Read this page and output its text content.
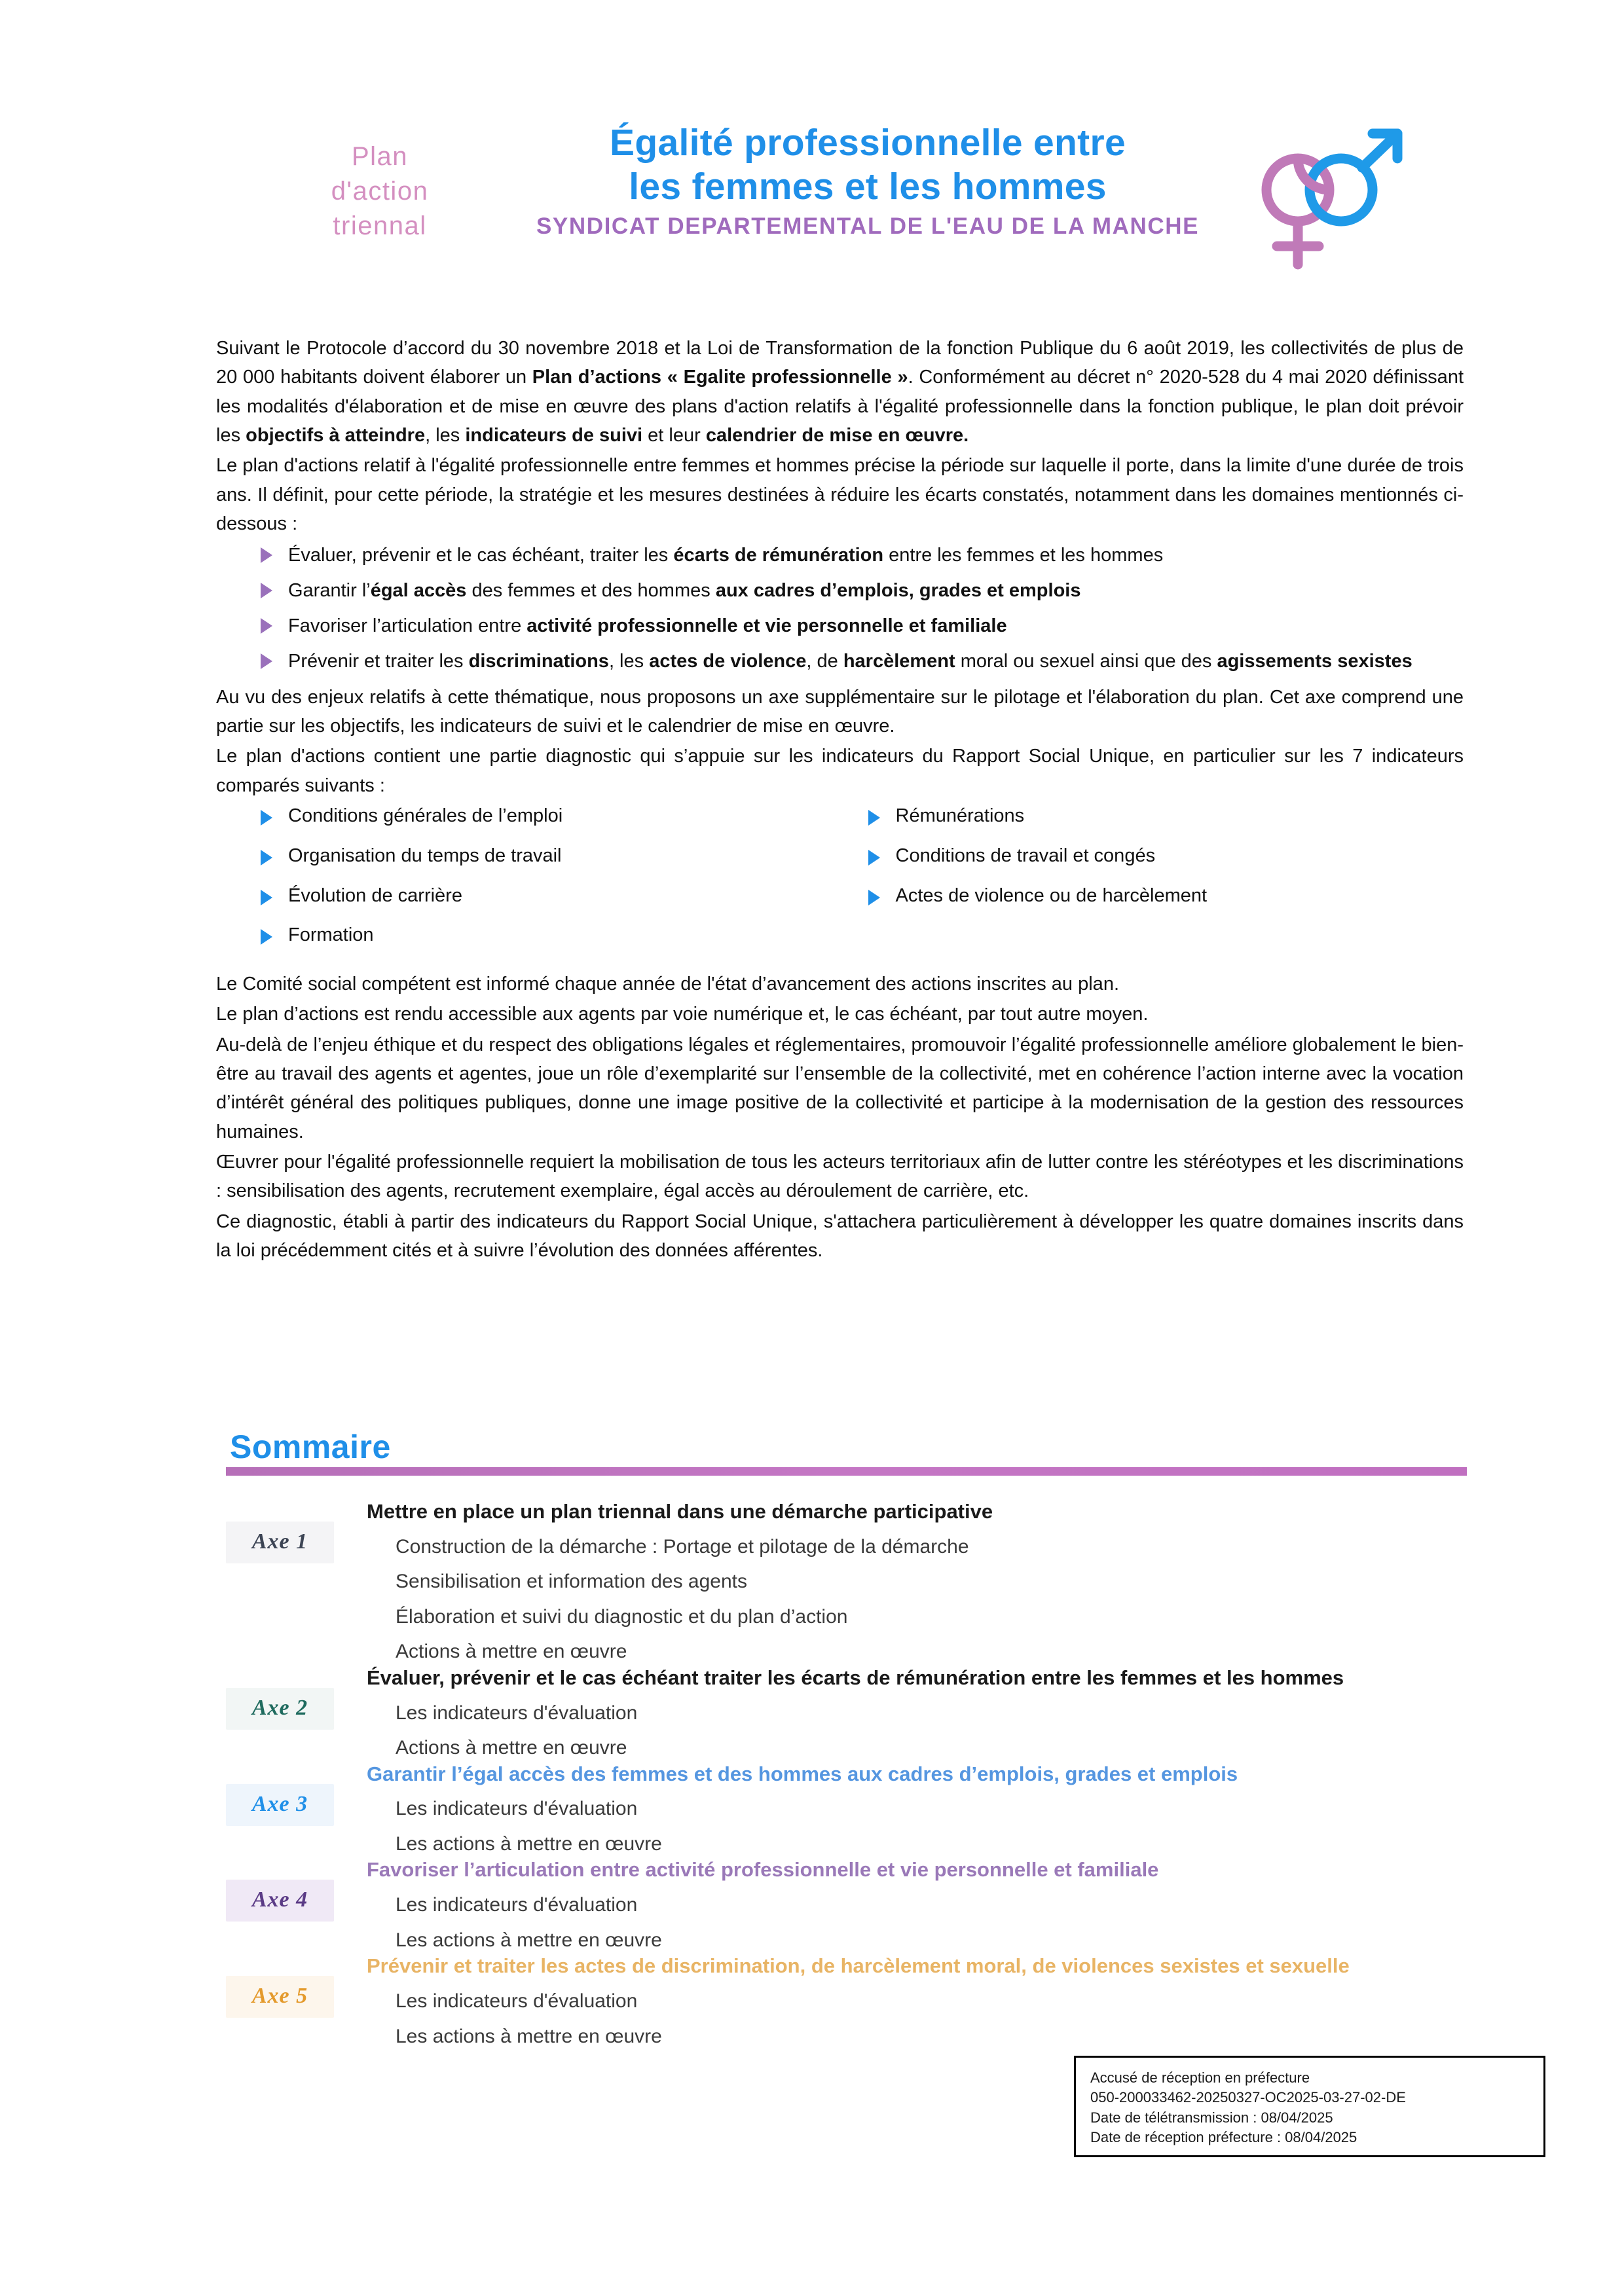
Plan
d'action
triennal
Égalité professionnelle entre
les femmes et les hommes
SYNDICAT DEPARTEMENTAL DE L'EAU DE LA MANCHE

Suivant le Protocole d’accord du 30 novembre 2018 et la Loi de Transformation de la fonction Publique du 6 août 2019, les collectivités de plus de 20 000 habitants doivent élaborer un Plan d’actions « Egalite professionnelle ». Conformément au décret n° 2020-528 du 4 mai 2020 définissant les modalités d'élaboration et de mise en œuvre des plans d'action relatifs à l'égalité professionnelle dans la fonction publique, le plan doit prévoir les objectifs à atteindre, les indicateurs de suivi et leur calendrier de mise en œuvre.

Le plan d'actions relatif à l'égalité professionnelle entre femmes et hommes précise la période sur laquelle il porte, dans la limite d'une durée de trois ans. Il définit, pour cette période, la stratégie et les mesures destinées à réduire les écarts constatés, notamment dans les domaines mentionnés ci-dessous :

Évaluer, prévenir et le cas échéant, traiter les écarts de rémunération entre les femmes et les hommes
Garantir l’égal accès des femmes et des hommes aux cadres d’emplois, grades et emplois
Favoriser l’articulation entre activité professionnelle et vie personnelle et familiale
Prévenir et traiter les discriminations, les actes de violence, de harcèlement moral ou sexuel ainsi que des agissements sexistes

Au vu des enjeux relatifs à cette thématique, nous proposons un axe supplémentaire sur le pilotage et l'élaboration du plan. Cet axe comprend une partie sur les objectifs, les indicateurs de suivi et le calendrier de mise en œuvre.

Le plan d'actions contient une partie diagnostic qui s’appuie sur les indicateurs du Rapport Social Unique, en particulier sur les 7 indicateurs comparés suivants :

Conditions générales de l’emploi
Organisation du temps de travail
Évolution de carrière
Formation
Rémunérations
Conditions de travail et congés
Actes de violence ou de harcèlement

Le Comité social compétent est informé chaque année de l'état d’avancement des actions inscrites au plan.

Le plan d’actions est rendu accessible aux agents par voie numérique et, le cas échéant, par tout autre moyen.

Au-delà de l’enjeu éthique et du respect des obligations légales et réglementaires, promouvoir l’égalité professionnelle améliore globalement le bien-être au travail des agents et agentes, joue un rôle d’exemplarité sur l’ensemble de la collectivité, met en cohérence l’action interne avec la vocation d’intérêt général des politiques publiques, donne une image positive de la collectivité et participe à la modernisation de la gestion des ressources humaines.

Œuvrer pour l'égalité professionnelle requiert la mobilisation de tous les acteurs territoriaux afin de lutter contre les stéréotypes et les discriminations : sensibilisation des agents, recrutement exemplaire, égal accès au déroulement de carrière, etc.

Ce diagnostic, établi à partir des indicateurs du Rapport Social Unique, s'attachera particulièrement à développer les quatre domaines inscrits dans la loi précédemment cités et à suivre l’évolution des données afférentes.

Sommaire
Axe 1
Mettre en place un plan triennal dans une démarche participative
Construction de la démarche : Portage et pilotage de la démarche
Sensibilisation et information des agents
Élaboration et suivi du diagnostic et du plan d’action
Actions à mettre en œuvre
Axe 2
Évaluer, prévenir et le cas échéant traiter les écarts de rémunération entre les femmes et les hommes
Les indicateurs d'évaluation
Actions à mettre en œuvre
Axe 3
Garantir l’égal accès des femmes et des hommes aux cadres d’emplois, grades et emplois
Les indicateurs d'évaluation
Les actions à mettre en œuvre
Axe 4
Favoriser l’articulation entre activité professionnelle et vie personnelle et familiale
Les indicateurs d'évaluation
Les actions à mettre en œuvre
Axe 5
Prévenir et traiter les actes de discrimination, de harcèlement moral, de violences sexistes et sexuelle
Les indicateurs d'évaluation
Les actions à mettre en œuvre
Accusé de réception en préfecture
050-200033462-20250327-OC2025-03-27-02-DE
Date de télétransmission : 08/04/2025
Date de réception préfecture : 08/04/2025
